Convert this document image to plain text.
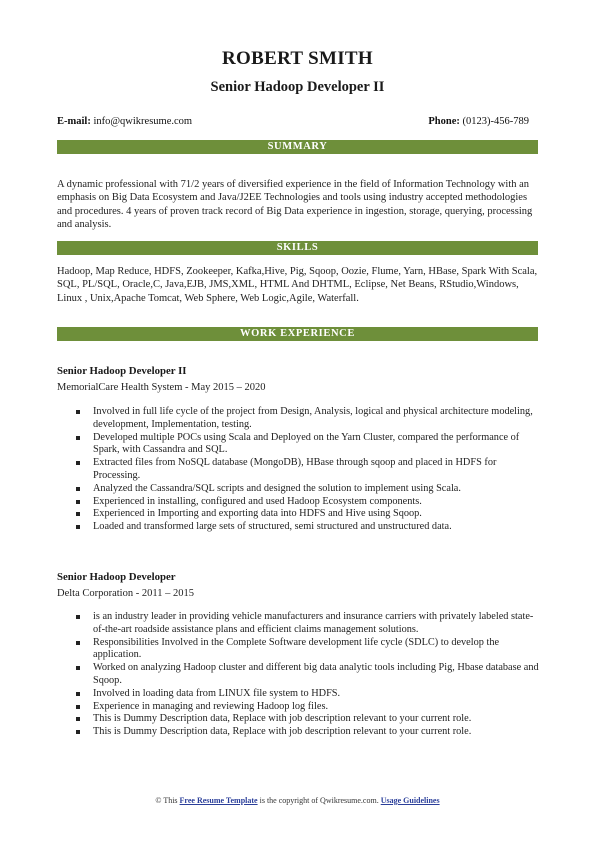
ROBERT SMITH
Senior Hadoop Developer II
E-mail: info@qwikresume.com	Phone: (0123)-456-789
SUMMARY
A dynamic professional with 71/2 years of diversified experience in the field of Information Technology with an emphasis on Big Data Ecosystem and Java/J2EE Technologies and tools using industry accepted methodologies and procedures. 4 years of proven track record of Big Data experience in ingestion, storage, querying, processing and analysis.
SKILLS
Hadoop, Map Reduce, HDFS, Zookeeper, Kafka,Hive, Pig, Sqoop, Oozie, Flume, Yarn, HBase, Spark With Scala, SQL, PL/SQL, Oracle,C, Java,EJB, JMS,XML, HTML And DHTML, Eclipse, Net Beans, RStudio,Windows, Linux , Unix,Apache Tomcat, Web Sphere, Web Logic,Agile, Waterfall.
WORK EXPERIENCE
Senior Hadoop Developer II
MemorialCare Health System - May 2015 – 2020
Involved in full life cycle of the project from Design, Analysis, logical and physical architecture modeling, development, Implementation, testing.
Developed multiple POCs using Scala and Deployed on the Yarn Cluster, compared the performance of Spark, with Cassandra and SQL.
Extracted files from NoSQL database (MongoDB), HBase through sqoop and placed in HDFS for Processing.
Analyzed the Cassandra/SQL scripts and designed the solution to implement using Scala.
Experienced in installing, configured and used Hadoop Ecosystem components.
Experienced in Importing and exporting data into HDFS and Hive using Sqoop.
Loaded and transformed large sets of structured, semi structured and unstructured data.
Senior Hadoop Developer
Delta Corporation - 2011 – 2015
is an industry leader in providing vehicle manufacturers and insurance carriers with privately labeled state-of-the-art roadside assistance plans and efficient claims management solutions.
Responsibilities Involved in the Complete Software development life cycle (SDLC) to develop the application.
Worked on analyzing Hadoop cluster and different big data analytic tools including Pig, Hbase database and Sqoop.
Involved in loading data from LINUX file system to HDFS.
Experience in managing and reviewing Hadoop log files.
This is Dummy Description data, Replace with job description relevant to your current role.
This is Dummy Description data, Replace with job description relevant to your current role.
© This Free Resume Template is the copyright of Qwikresume.com. Usage Guidelines
